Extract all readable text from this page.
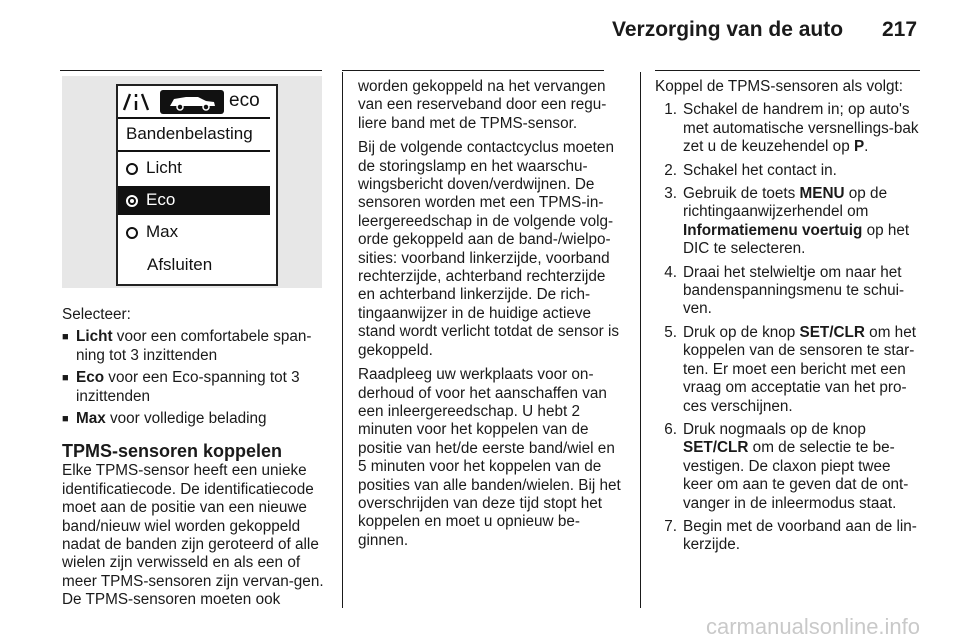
Verzorging van de auto 217
eco
Bandenbelasting
Licht
Eco
Max
Afsluiten

Selecteer:

■ Licht voor een comfortabele span-ning tot 3 inzittenden
■ Eco voor een Eco-spanning tot 3 inzittenden
■ Max voor volledige belading
TPMS-sensoren koppelen

Elke TPMS-sensor heeft een unieke identificatiecode. De identificatiecode moet aan de positie van een nieuwe band/nieuw wiel worden gekoppeld nadat de banden zijn geroteerd of alle wielen zijn verwisseld en als een of meer TPMS-sensoren zijn vervan-gen. De TPMS-sensoren moeten ook

worden gekoppeld na het vervangen van een reserveband door een regu-liere band met de TPMS-sensor.

Bij de volgende contactcyclus moeten de storingslamp en het waarschu-wingsbericht doven/verdwijnen. De sensoren worden met een TPMS-in-leergereedschap in de volgende volg-orde gekoppeld aan de band-/wielpo-sities: voorband linkerzijde, voorband rechterzijde, achterband rechterzijde en achterband linkerzijde. De rich-tingaanwijzer in de huidige actieve stand wordt verlicht totdat de sensor is gekoppeld.

Raadpleeg uw werkplaats voor on-derhoud of voor het aanschaffen van een inleergereedschap. U hebt 2 minuten voor het koppelen van de positie van het/de eerste band/wiel en 5 minuten voor het koppelen van de posities van alle banden/wielen. Bij het overschrijden van deze tijd stopt het koppelen en moet u opnieuw be-ginnen.

Koppel de TPMS-sensoren als volgt:

1. Schakel de handrem in; op auto's met automatische versnellings-bak zet u de keuzehendel op P.
2. Schakel het contact in.
3. Gebruik de toets MENU op de richtingaanwijzerhendel om Informatiemenu voertuig op het DIC te selecteren.
4. Draai het stelwieltje om naar het bandenspanningsmenu te schui-ven.
5. Druk op de knop SET/CLR om het koppelen van de sensoren te star-ten. Er moet een bericht met een vraag om acceptatie van het pro-ces verschijnen.
6. Druk nogmaals op de knop SET/CLR om de selectie te be-vestigen. De claxon piept twee keer om aan te geven dat de ont-vanger in de inleermodus staat.
7. Begin met de voorband aan de lin-kerzijde.
carmanualsonline.info
